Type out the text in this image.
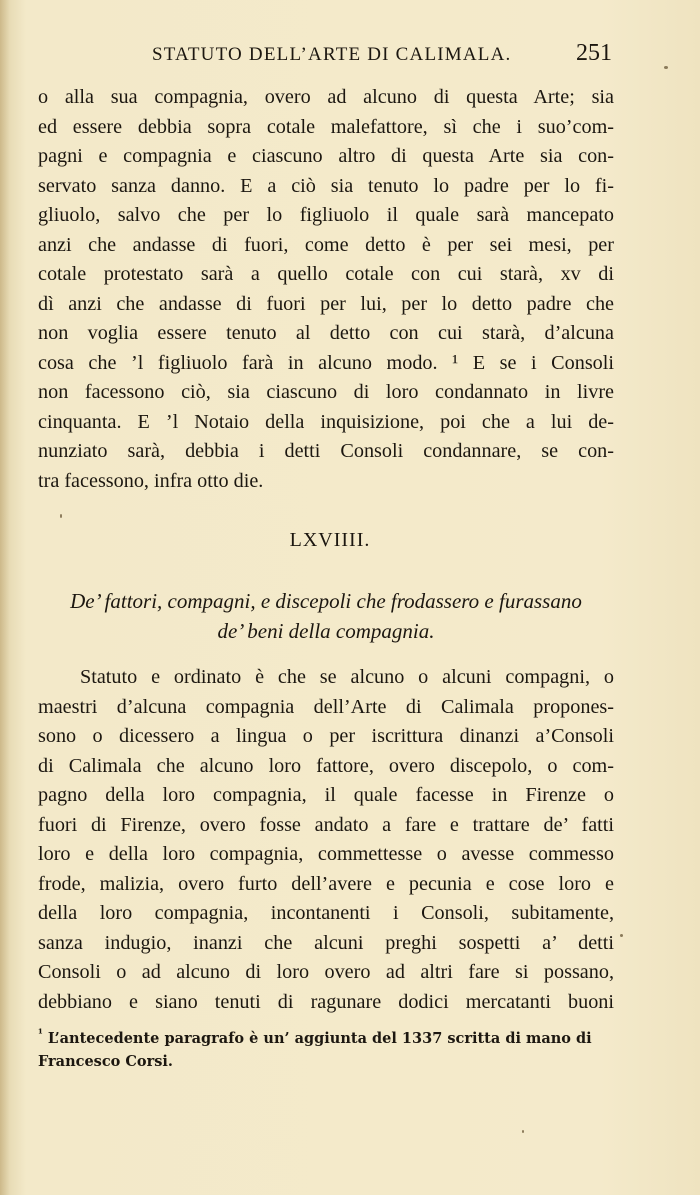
STATUTO DELL’ARTE DI CALIMALA.	251
o alla sua compagnia, overo ad alcuno di questa Arte; sia
ed essere debbia sopra cotale malefattore, sì che i suo’com-
pagni e compagnia e ciascuno altro di questa Arte sia con-
servato sanza danno. E a ciò sia tenuto lo padre per lo fi-
gliuolo, salvo che per lo figliuolo il quale sarà mancepato
anzi che andasse di fuori, come detto è per sei mesi, per
cotale protestato sarà a quello cotale con cui starà, xv di
dì anzi che andasse di fuori per lui, per lo detto padre che
non voglia essere tenuto al detto con cui starà, d’alcuna
cosa che ’l figliuolo farà in alcuno modo. ¹ E se i Consoli
non facessono ciò, sia ciascuno di loro condannato in livre
cinquanta. E ’l Notaio della inquisizione, poi che a lui de-
nunziato sarà, debbia i detti Consoli condannare, se con-
tra facessono, infra otto die.
LXVIIII.
De’ fattori, compagni, e discepoli che frodassero e furassano
de’ beni della compagnia.
Statuto e ordinato è che se alcuno o alcuni compagni, o
maestri d’alcuna compagnia dell’Arte di Calimala propones-
sono o dicessero a lingua o per iscrittura dinanzi a’Consoli
di Calimala che alcuno loro fattore, overo discepolo, o com-
pagno della loro compagnia, il quale facesse in Firenze o
fuori di Firenze, overo fosse andato a fare e trattare de’ fatti
loro e della loro compagnia, commettesse o avesse commesso
frode, malizia, overo furto dell’avere e pecunia e cose loro e
della loro compagnia, incontanenti i Consoli, subitamente,
sanza indugio, inanzi che alcuni preghi sospetti a’ detti
Consoli o ad alcuno di loro overo ad altri fare si possano,
debbiano e siano tenuti di ragunare dodici mercatanti buoni
$^{^1}$ L’antecedente paragrafo è un’ aggiunta del 1337 scritta di mano di
Francesco Corsi.
